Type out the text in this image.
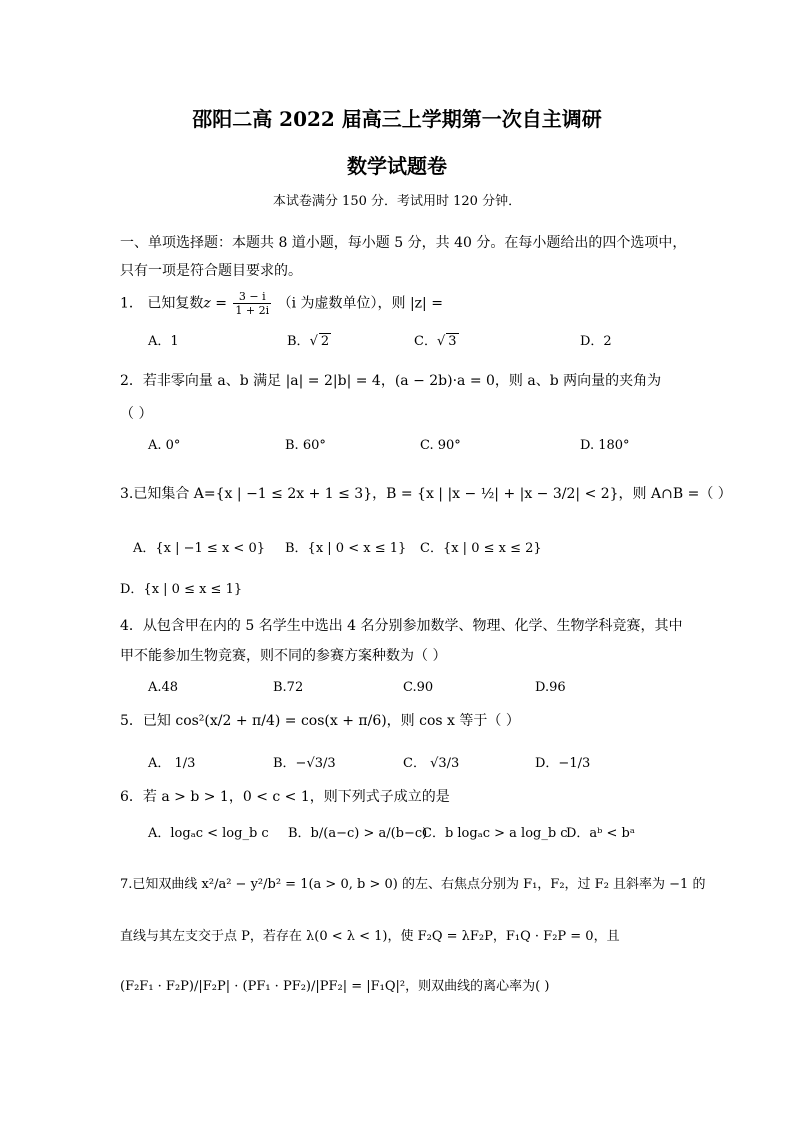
邵阳二高 2022 届高三上学期第一次自主调研
数学试题卷
本试卷满分 150 分．考试用时 120 分钟．
一、单项选择题：本题共 8 道小题，每小题 5 分，共 40 分。在每小题给出的四个选项中，
只有一项是符合题目要求的。
1． 已知复数$z = \frac{3 - i}{1 + 2i} (i$ 为虚数单位），则 |z| =
A．1	B．√ 2	C．√ 3	D．2
2．若非零向量 a、b 满足 |a| = 2|b| = 4，(a − 2b)·a = 0，则 a、b 两向量的夹角为
（ ）
A. 0°	B. 60°	C. 90°	D. 180°
3.已知集合 A={x | −1 ≤ 2x + 1 ≤ 3}，B = {x | |x − ½| + |x − 3/2| < 2}，则 A∩B =（ ）
A．{x | −1 ≤ x < 0} B．{x | 0 < x ≤ 1} C．{x | 0 ≤ x ≤ 2}
D．{x | 0 ≤ x ≤ 1}
4．从包含甲在内的 5 名学生中选出 4 名分别参加数学、物理、化学、生物学科竞赛，其中
甲不能参加生物竞赛，则不同的参赛方案种数为（ ）
A.48	B.72	C.90	D.96
5．已知 cos²(x/2 + π/4) = cos(x + π/6)，则 cos x 等于（ ）
A． 1/3	B．−√3/3	C． √3/3	D．−1/3
6．若 a > b > 1，0 < c < 1，则下列式子成立的是
A．logₐc < log_b c B．b/(a−c) > a/(b−c)
C．b logₐc > a log_b c
D．aᵇ < bᵃ
7.已知双曲线 x²/a² − y²/b² = 1(a > 0, b > 0) 的左、右焦点分别为 F₁，F₂，过 F₂ 且斜率为 −1 的
直线与其左支交于点 P，若存在 λ(0 < λ < 1)，使 F₂Q = λF₂P，F₁Q · F₂P = 0，且
(F₂F₁ · F₂P)/|F₂P| · (PF₁ · PF₂)/|PF₂| = |F₁Q|²，则双曲线的离心率为( )
